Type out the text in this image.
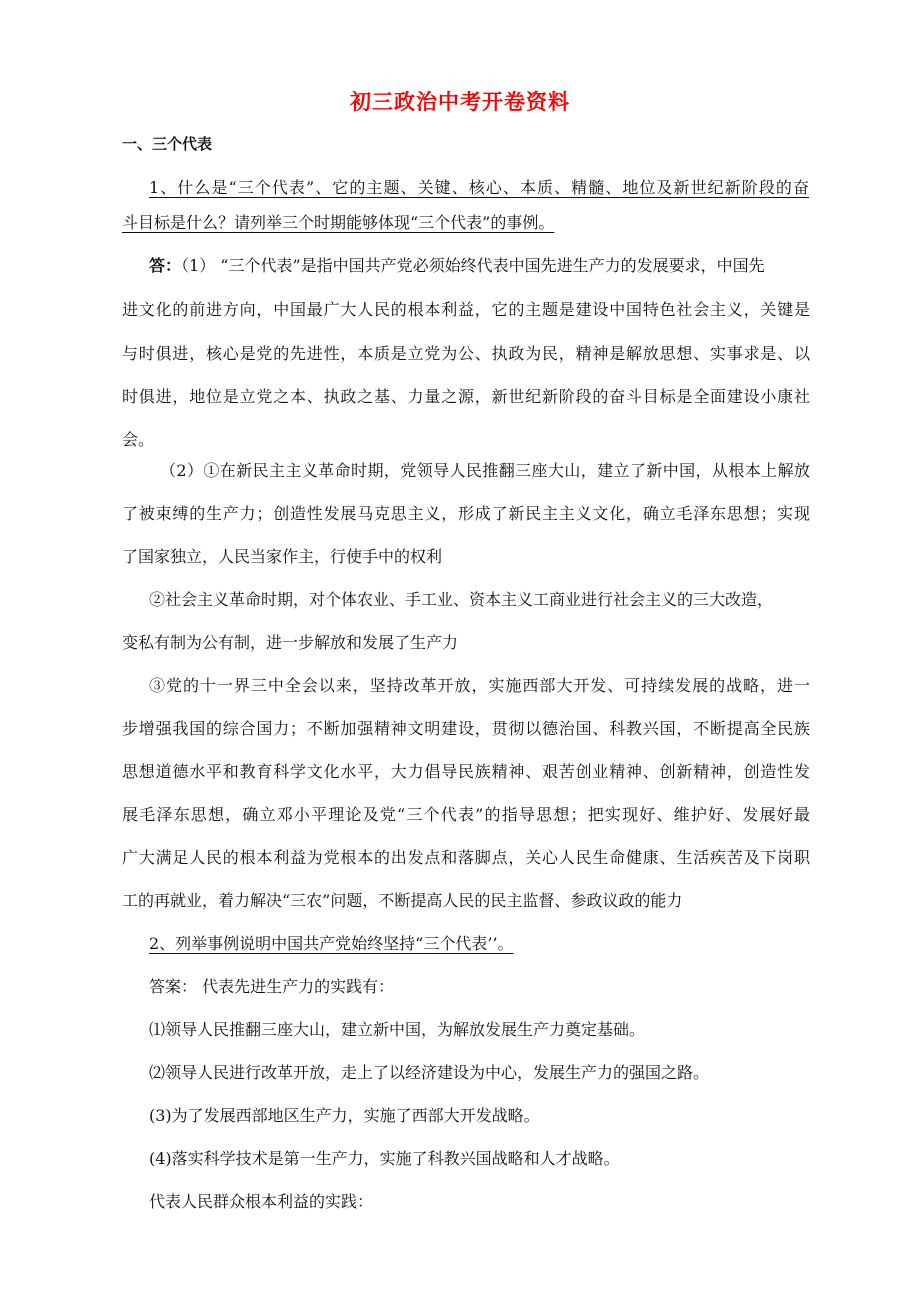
初三政治中考开卷资料
一、三个代表
1、什么是“三个代表”、它的主题、关键、核心、本质、精髓、地位及新世纪新阶段的奋
斗目标是什么？请列举三个时期能够体现“三个代表”的事例。
答：（1） “三个代表”是指中国共产党必须始终代表中国先进生产力的发展要求，中国先
进文化的前进方向，中国最广大人民的根本利益，它的主题是建设中国特色社会主义，关键是
与时俱进，核心是党的先进性，本质是立党为公、执政为民，精神是解放思想、实事求是、以
时俱进，地位是立党之本、执政之基、力量之源，新世纪新阶段的奋斗目标是全面建设小康社
会。
（2）①在新民主主义革命时期，党领导人民推翻三座大山，建立了新中国，从根本上解放
了被束缚的生产力；创造性发展马克思主义，形成了新民主主义文化，确立毛泽东思想；实现
了国家独立，人民当家作主，行使手中的权利
②社会主义革命时期，对个体农业、手工业、资本主义工商业进行社会主义的三大改造，
变私有制为公有制，进一步解放和发展了生产力
③党的十一界三中全会以来，坚持改革开放，实施西部大开发、可持续发展的战略，进一
步增强我国的综合国力；不断加强精神文明建设，贯彻以德治国、科教兴国，不断提高全民族
思想道德水平和教育科学文化水平，大力倡导民族精神、艰苦创业精神、创新精神，创造性发
展毛泽东思想，确立邓小平理论及党“三个代表”的指导思想；把实现好、维护好、发展好最
广大满足人民的根本利益为党根本的出发点和落脚点，关心人民生命健康、生活疾苦及下岗职
工的再就业，着力解决“三农”问题，不断提高人民的民主监督、参政议政的能力
2、列举事例说明中国共产党始终坚持“三个代表’’。
答案： 代表先进生产力的实践有：
⑴领导人民推翻三座大山，建立新中国，为解放发展生产力奠定基础。
⑵领导人民进行改革开放，走上了以经济建设为中心，发展生产力的强国之路。
(3)为了发展西部地区生产力，实施了西部大开发战略。
(4)落实科学技术是第一生产力，实施了科教兴国战略和人才战略。
代表人民群众根本利益的实践：
